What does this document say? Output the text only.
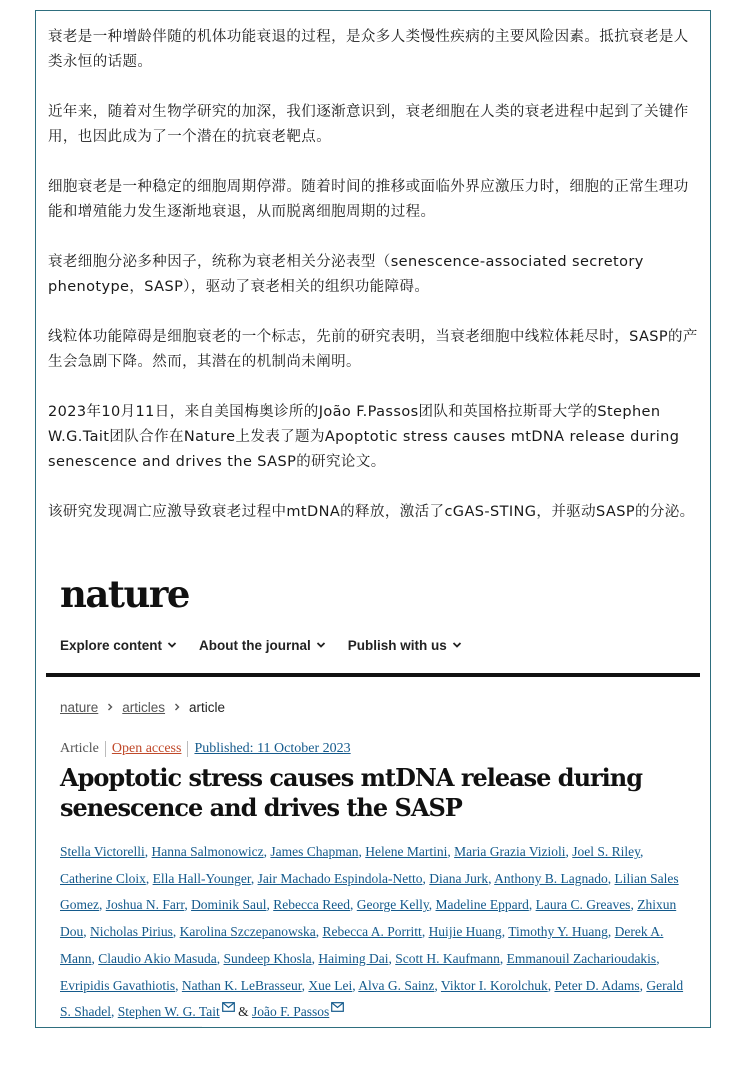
衰老是一种增龄伴随的机体功能衰退的过程，是众多人类慢性疾病的主要风险因素。抵抗衰老是人类永恒的话题。

近年来，随着对生物学研究的加深，我们逐渐意识到，衰老细胞在人类的衰老进程中起到了关键作用，也因此成为了一个潜在的抗衰老靶点。

细胞衰老是一种稳定的细胞周期停滞。随着时间的推移或面临外界应激压力时，细胞的正常生理功能和增殖能力发生逐渐地衰退，从而脱离细胞周期的过程。

衰老细胞分泌多种因子，统称为衰老相关分泌表型（senescence-associated secretory phenotype，SASP），驱动了衰老相关的组织功能障碍。

线粒体功能障碍是细胞衰老的一个标志，先前的研究表明，当衰老细胞中线粒体耗尽时，SASP的产生会急剧下降。然而，其潜在的机制尚未阐明。

2023年10月11日，来自美国梅奥诊所的João F.Passos团队和英国格拉斯哥大学的Stephen W.G.Tait团队合作在Nature上发表了题为Apoptotic stress causes mtDNA release during senescence and drives the SASP的研究论文。

该研究发现凋亡应激导致衰老过程中mtDNA的释放，激活了cGAS-STING，并驱动SASP的分泌。

nature
Explore content	About the journal	Publish with us
nature articles article
Article Open access Published: 11 October 2023
Apoptotic stress causes mtDNA release during senescence and drives the SASP
Stella Victorelli, Hanna Salmonowicz, James Chapman, Helene Martini, Maria Grazia Vizioli, Joel S. Riley, Catherine Cloix, Ella Hall-Younger, Jair Machado Espindola-Netto, Diana Jurk, Anthony B. Lagnado, Lilian Sales Gomez, Joshua N. Farr, Dominik Saul, Rebecca Reed, George Kelly, Madeline Eppard, Laura C. Greaves, Zhixun Dou, Nicholas Pirius, Karolina Szczepanowska, Rebecca A. Porritt, Huijie Huang, Timothy Y. Huang, Derek A. Mann, Claudio Akio Masuda, Sundeep Khosla, Haiming Dai, Scott H. Kaufmann, Emmanouil Zacharioudakis, Evripidis Gavathiotis, Nathan K. LeBrasseur, Xue Lei, Alva G. Sainz, Viktor I. Korolchuk, Peter D. Adams, Gerald S. Shadel, Stephen W. G. Tait & João F. Passos
